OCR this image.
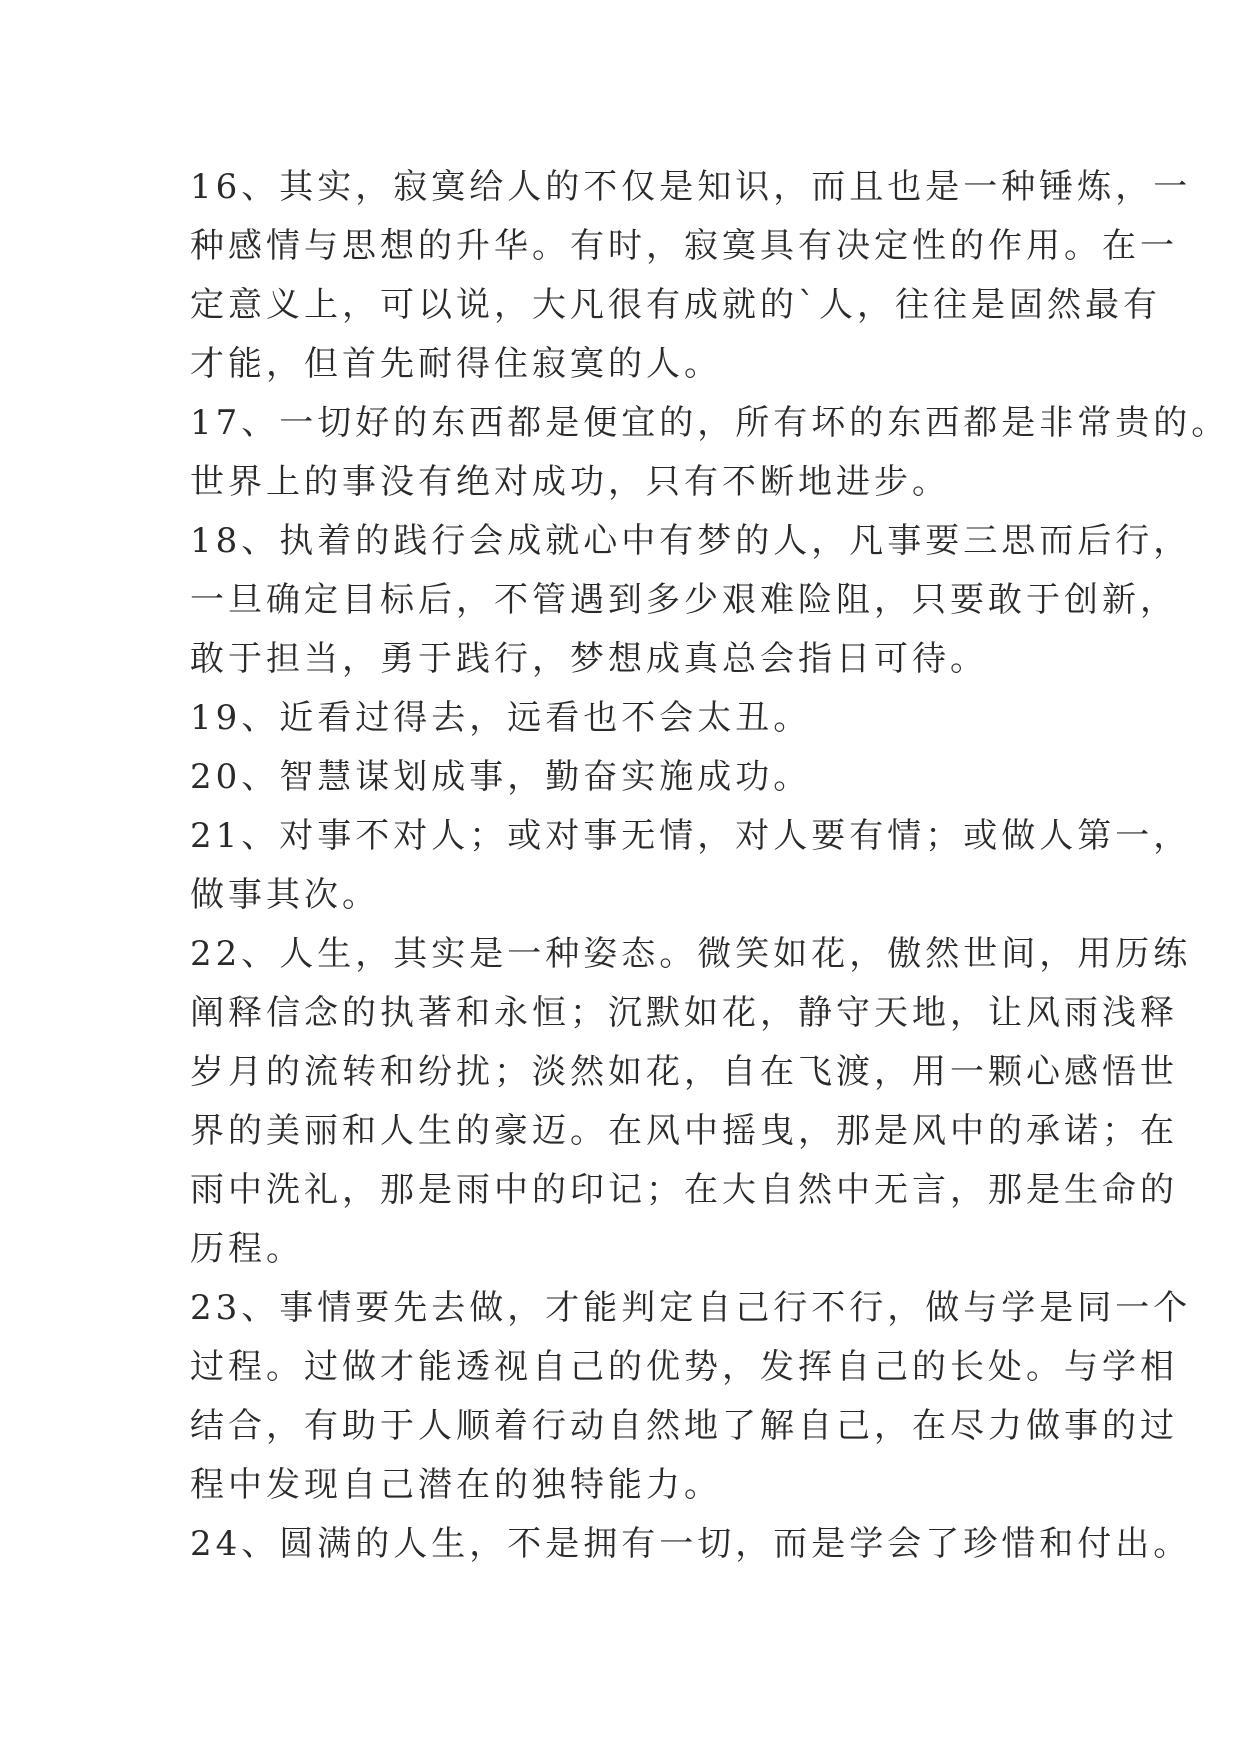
16、其实，寂寞给人的不仅是知识，而且也是一种锤炼，一
种感情与思想的升华。有时，寂寞具有决定性的作用。在一
定意义上，可以说，大凡很有成就的`人，往往是固然最有
才能，但首先耐得住寂寞的人。
17、一切好的东西都是便宜的，所有坏的东西都是非常贵的。
世界上的事没有绝对成功，只有不断地进步。
18、执着的践行会成就心中有梦的人，凡事要三思而后行，
一旦确定目标后，不管遇到多少艰难险阻，只要敢于创新，
敢于担当，勇于践行，梦想成真总会指日可待。
19、近看过得去，远看也不会太丑。
20、智慧谋划成事，勤奋实施成功。
21、对事不对人；或对事无情，对人要有情；或做人第一，
做事其次。
22、人生，其实是一种姿态。微笑如花，傲然世间，用历练
阐释信念的执著和永恒；沉默如花，静守天地，让风雨浅释
岁月的流转和纷扰；淡然如花，自在飞渡，用一颗心感悟世
界的美丽和人生的豪迈。在风中摇曳，那是风中的承诺；在
雨中洗礼，那是雨中的印记；在大自然中无言，那是生命的
历程。
23、事情要先去做，才能判定自己行不行，做与学是同一个
过程。过做才能透视自己的优势，发挥自己的长处。与学相
结合，有助于人顺着行动自然地了解自己，在尽力做事的过
程中发现自己潜在的独特能力。
24、圆满的人生，不是拥有一切，而是学会了珍惜和付出。
